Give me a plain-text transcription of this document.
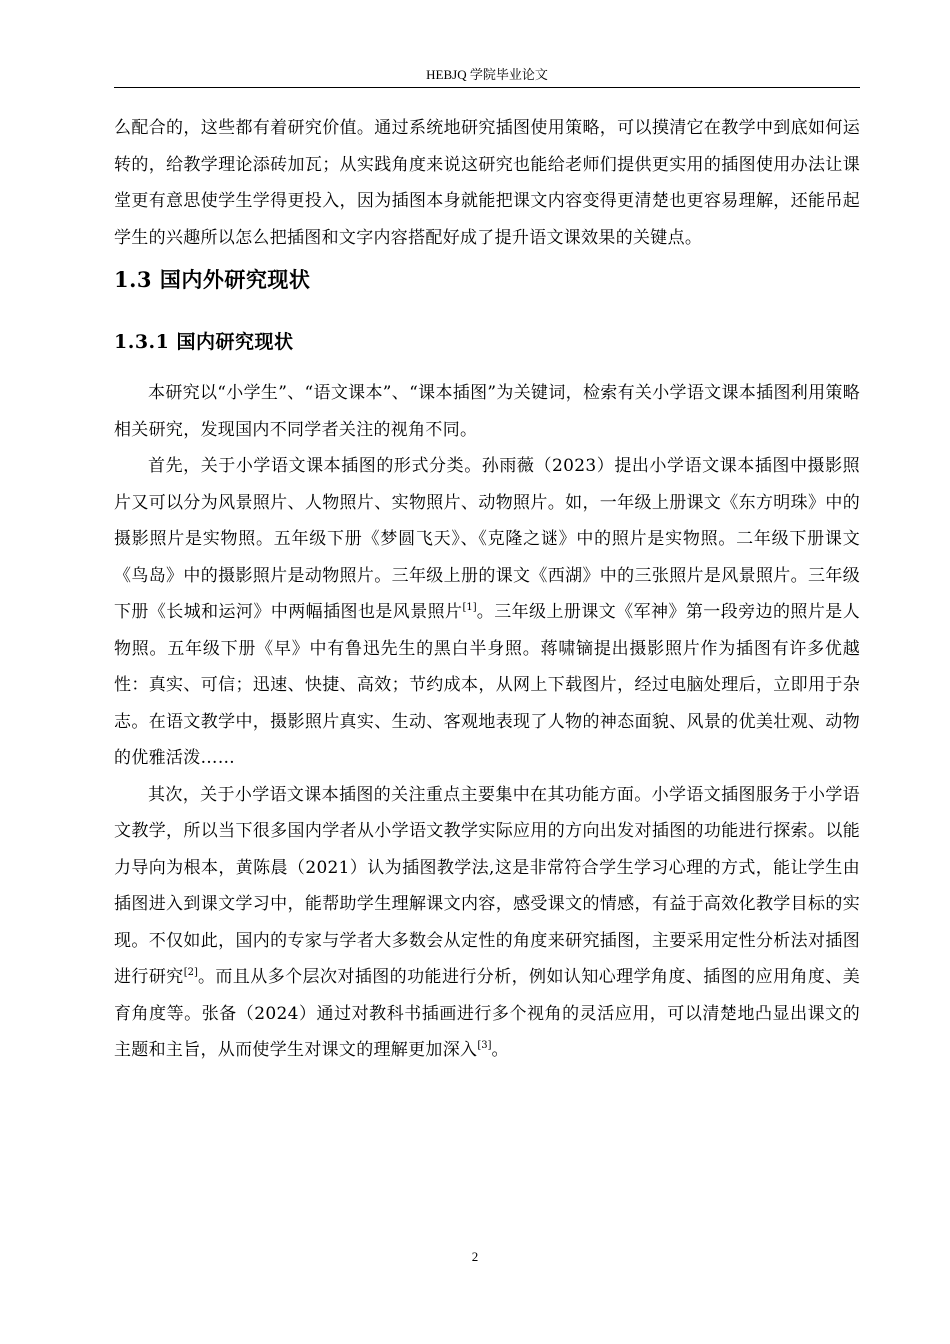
HEBJQ 学院毕业论文

么配合的，这些都有着研究价值。通过系统地研究插图使用策略，可以摸清它在教学中到底如何运转的，给教学理论添砖加瓦；从实践角度来说这研究也能给老师们提供更实用的插图使用办法让课堂更有意思使学生学得更投入，因为插图本身就能把课文内容变得更清楚也更容易理解，还能吊起学生的兴趣所以怎么把插图和文字内容搭配好成了提升语文课效果的关键点。

1.3 国内外研究现状
1.3.1 国内研究现状

本研究以“小学生”、“语文课本”、“课本插图”为关键词，检索有关小学语文课本插图利用策略相关研究，发现国内不同学者关注的视角不同。

首先，关于小学语文课本插图的形式分类。孙雨薇（2023）提出小学语文课本插图中摄影照片又可以分为风景照片、人物照片、实物照片、动物照片。如，一年级上册课文《东方明珠》中的摄影照片是实物照。五年级下册《梦圆飞天》、《克隆之谜》中的照片是实物照。二年级下册课文《鸟岛》中的摄影照片是动物照片。三年级上册的课文《西湖》中的三张照片是风景照片。三年级下册《长城和运河》中两幅插图也是风景照片[1]。三年级上册课文《军神》第一段旁边的照片是人物照。五年级下册《早》中有鲁迅先生的黑白半身照。蒋啸镝提出摄影照片作为插图有许多优越性：真实、可信；迅速、快捷、高效；节约成本，从网上下载图片，经过电脑处理后，立即用于杂志。在语文教学中，摄影照片真实、生动、客观地表现了人物的神态面貌、风景的优美壮观、动物的优雅活泼……

其次，关于小学语文课本插图的关注重点主要集中在其功能方面。小学语文插图服务于小学语文教学，所以当下很多国内学者从小学语文教学实际应用的方向出发对插图的功能进行探索。以能力导向为根本，黄陈晨（2021）认为插图教学法,这是非常符合学生学习心理的方式，能让学生由插图进入到课文学习中，能帮助学生理解课文内容，感受课文的情感，有益于高效化教学目标的实现。不仅如此，国内的专家与学者大多数会从定性的角度来研究插图，主要采用定性分析法对插图进行研究[2]。而且从多个层次对插图的功能进行分析，例如认知心理学角度、插图的应用角度、美育角度等。张备（2024）通过对教科书插画进行多个视角的灵活应用，可以清楚地凸显出课文的主题和主旨，从而使学生对课文的理解更加深入[3]。

2
